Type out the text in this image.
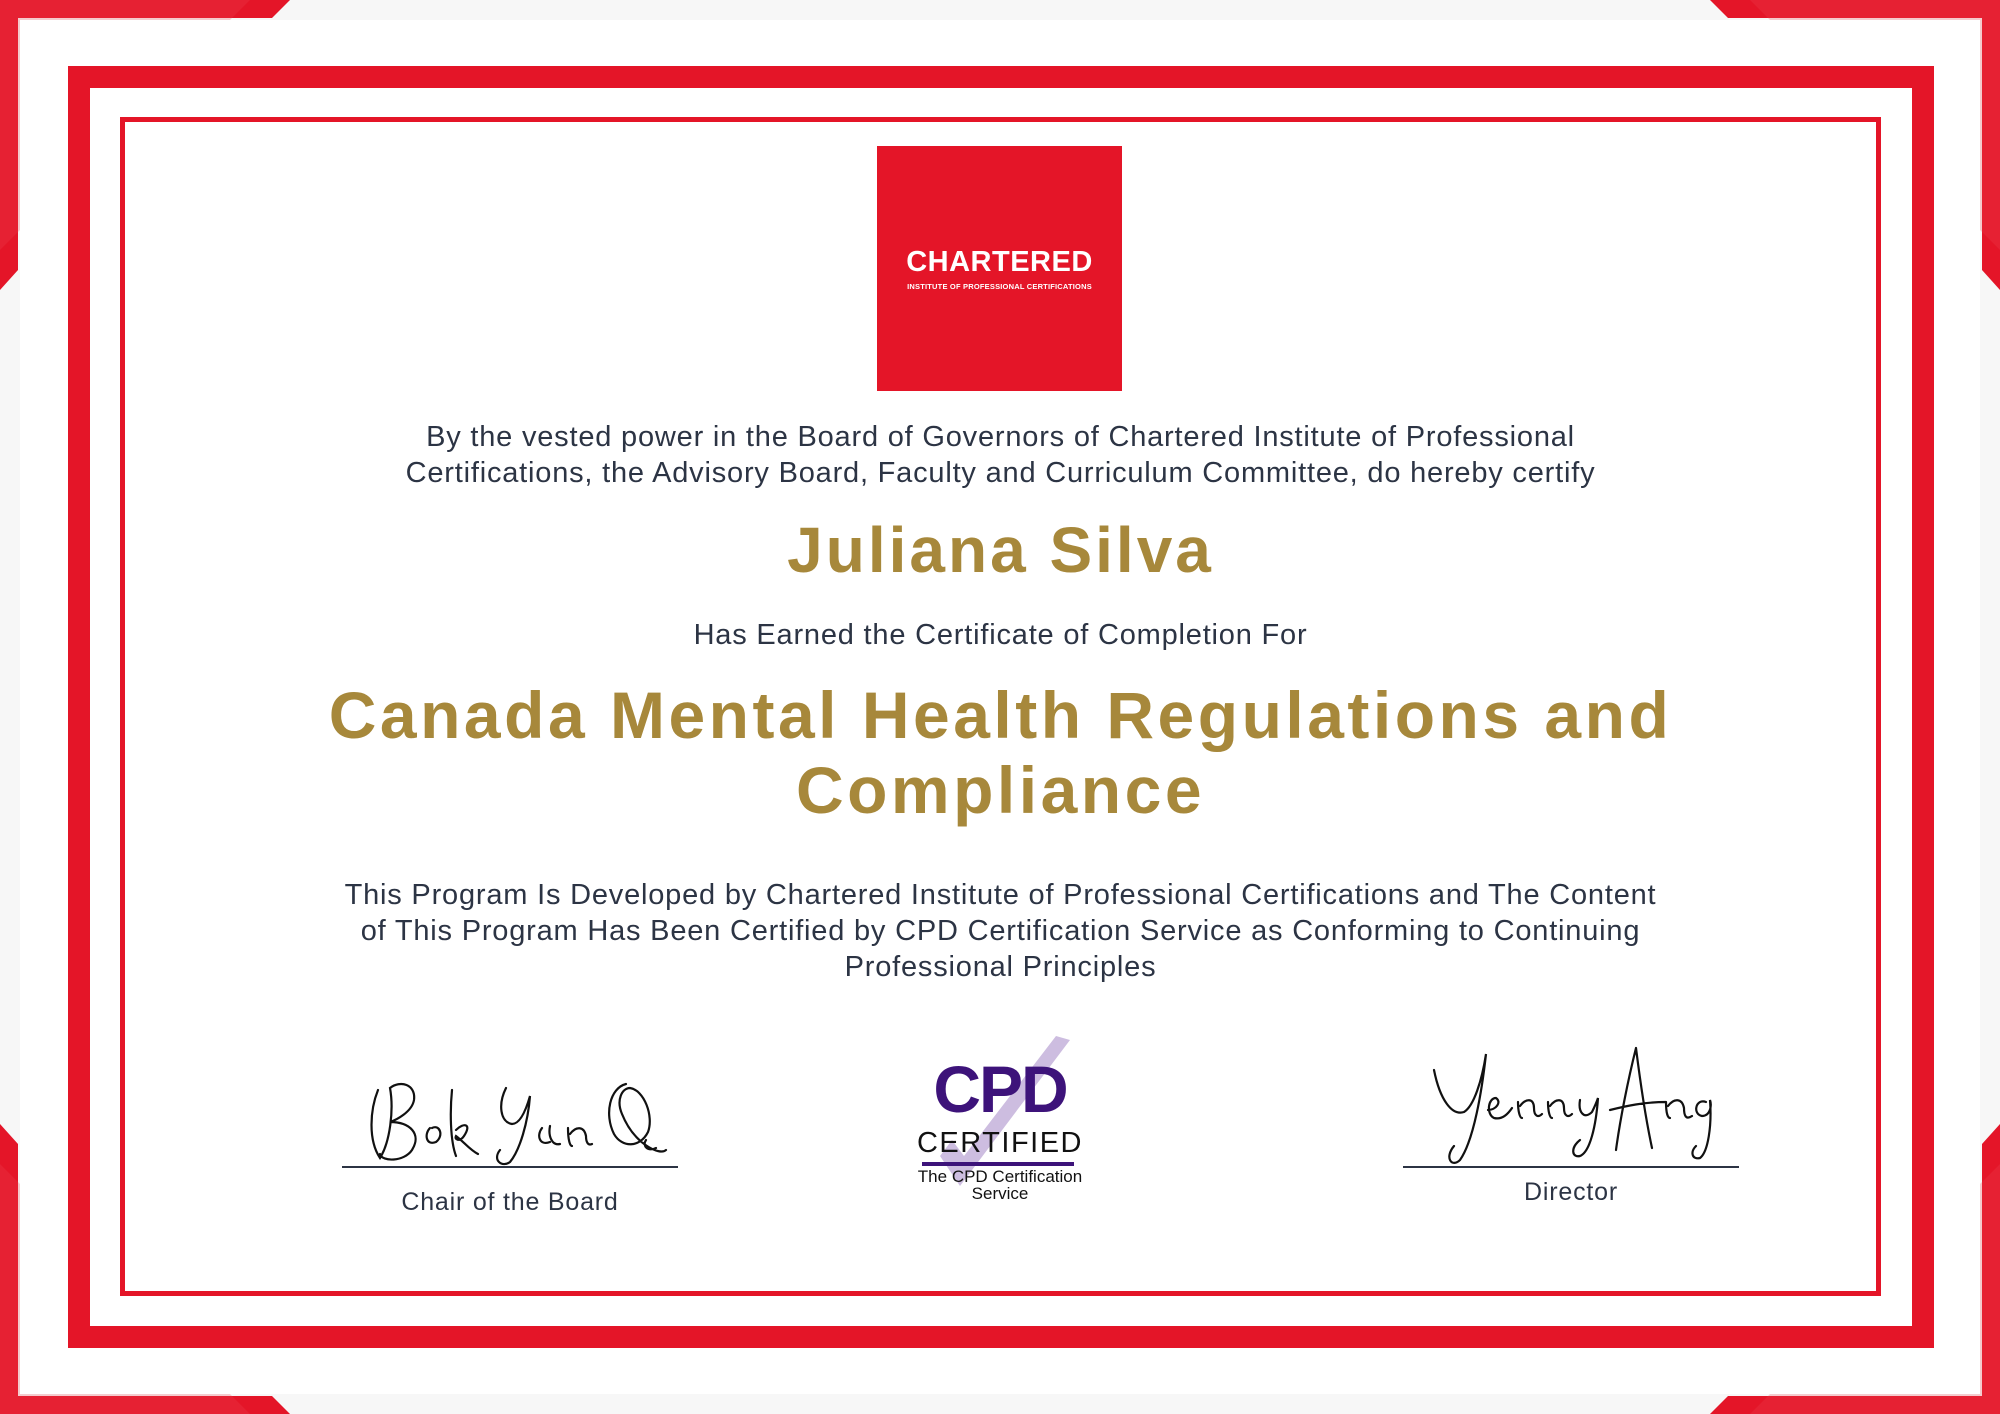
CHARTERED
INSTITUTE OF PROFESSIONAL CERTIFICATIONS
By the vested power in the Board of Governors of Chartered Institute of Professional
Certifications, the Advisory Board, Faculty and Curriculum Committee, do hereby certify
Juliana Silva
Has Earned the Certificate of Completion For
Canada Mental Health Regulations and
Compliance
This Program Is Developed by Chartered Institute of Professional Certifications and The Content
of This Program Has Been Certified by CPD Certification Service as Conforming to Continuing
Professional Principles
Chair of the Board
CPD
CERTIFIED
The CPD Certification
Service	Director
